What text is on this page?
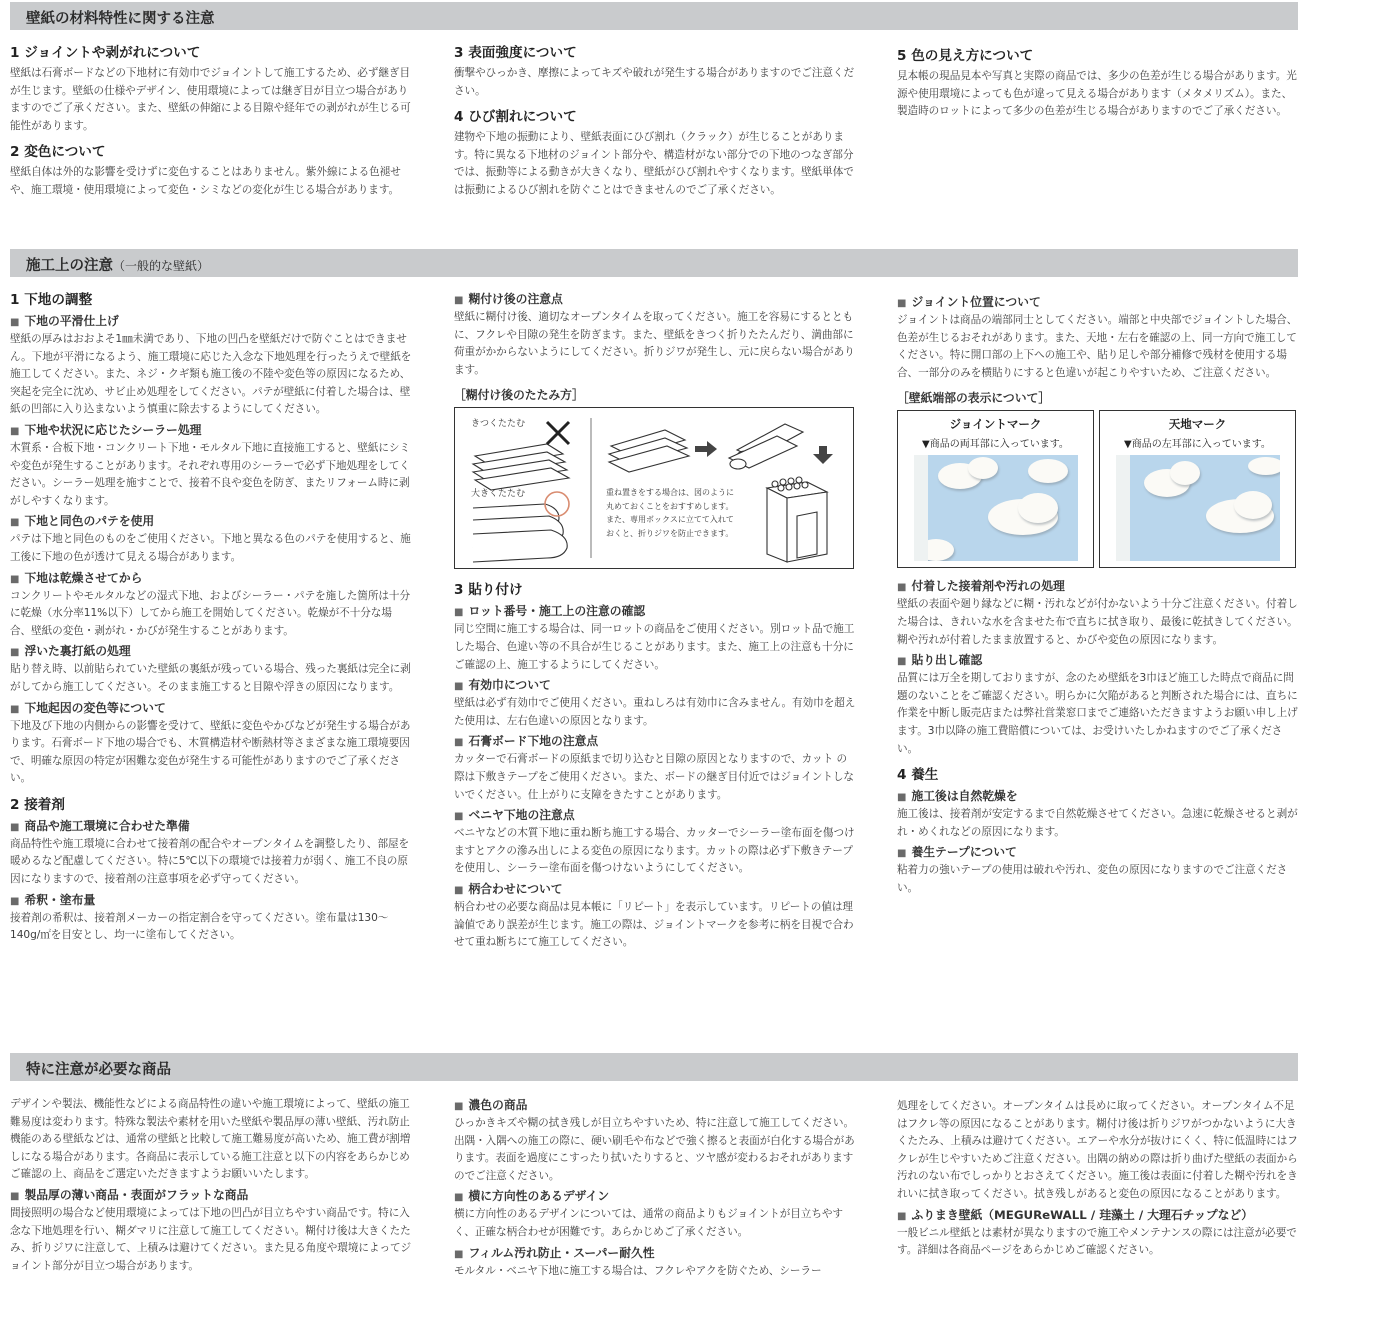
壁紙の材料特性に関する注意
1 ジョイントや剥がれについて
壁紙は石膏ボードなどの下地材に有効巾でジョイントして施工するため、必ず継ぎ目が生じます。壁紙の仕様やデザイン、使用環境によっては継ぎ目が目立つ場合がありますのでご了承ください。また、壁紙の伸縮による目隙や経年での剥がれが生じる可能性があります。
2 変色について
壁紙自体は外的な影響を受けずに変色することはありません。紫外線による色褪せや、施工環境・使用環境によって変色・シミなどの変化が生じる場合があります。
3 表面強度について
衝撃やひっかき、摩擦によってキズや破れが発生する場合がありますのでご注意ください。
4 ひび割れについて
建物や下地の振動により、壁紙表面にひび割れ（クラック）が生じることがあります。特に異なる下地材のジョイント部分や、構造材がない部分での下地のつなぎ部分では、振動等による動きが大きくなり、壁紙がひび割れやすくなります。壁紙単体では振動によるひび割れを防ぐことはできませんのでご了承ください。
5 色の見え方について
見本帳の現品見本や写真と実際の商品では、多少の色差が生じる場合があります。光源や使用環境によっても色が違って見える場合があります（メタメリズム）。また、製造時のロットによって多少の色差が生じる場合がありますのでご了承ください。
施工上の注意（一般的な壁紙）
1 下地の調整
■ 下地の平滑仕上げ
壁紙の厚みはおおよそ1㎜未満であり、下地の凹凸を壁紙だけで防ぐことはできません。下地が平滑になるよう、施工環境に応じた入念な下地処理を行ったうえで壁紙を施工してください。また、ネジ・クギ類も施工後の不陸や変色等の原因になるため、突起を完全に沈め、サビ止め処理をしてください。パテが壁紙に付着した場合は、壁紙の凹部に入り込まないよう慎重に除去するようにしてください。
■ 下地や状況に応じたシーラー処理
木質系・合板下地・コンクリート下地・モルタル下地に直接施工すると、壁紙にシミや変色が発生することがあります。それぞれ専用のシーラーで必ず下地処理をしてください。シーラー処理を施すことで、接着不良や変色を防ぎ、またリフォーム時に剥がしやすくなります。
■ 下地と同色のパテを使用
パテは下地と同色のものをご使用ください。下地と異なる色のパテを使用すると、施工後に下地の色が透けて見える場合があります。
■ 下地は乾燥させてから
コンクリートやモルタルなどの湿式下地、およびシーラー・パテを施した箇所は十分に乾燥（水分率11%以下）してから施工を開始してください。乾燥が不十分な場合、壁紙の変色・剥がれ・かびが発生することがあります。
■ 浮いた裏打紙の処理
貼り替え時、以前貼られていた壁紙の裏紙が残っている場合、残った裏紙は完全に剥がしてから施工してください。そのまま施工すると目隙や浮きの原因になります。
■ 下地起因の変色等について
下地及び下地の内側からの影響を受けて、壁紙に変色やかびなどが発生する場合があります。石膏ボード下地の場合でも、木質構造材や断熱材等さまざまな施工環境要因で、明確な原因の特定が困難な変色が発生する可能性がありますのでご了承ください。
2 接着剤
■ 商品や施工環境に合わせた準備
商品特性や施工環境に合わせて接着剤の配合やオープンタイムを調整したり、部屋を暖めるなど配慮してください。特に5℃以下の環境では接着力が弱く、施工不良の原因になりますので、接着剤の注意事項を必ず守ってください。
■ 希釈・塗布量
接着剤の希釈は、接着剤メーカーの指定割合を守ってください。塗布量は130〜140g/㎡を目安とし、均一に塗布してください。
■ 糊付け後の注意点
壁紙に糊付け後、適切なオープンタイムを取ってください。施工を容易にするとともに、フクレや目隙の発生を防ぎます。また、壁紙をきつく折りたたんだり、満曲部に荷重がかからないようにしてください。折りジワが発生し、元に戻らない場合があります。
［糊付け後のたたみ方］
きつくたたむ
大きくたたむ	重ね置きをする場合は、図のように
丸めておくことをおすすめします。
また、専用ボックスに立てて入れて
おくと、折りジワを防止できます。
3 貼り付け
■ ロット番号・施工上の注意の確認
同じ空間に施工する場合は、同一ロットの商品をご使用ください。別ロット品で施工した場合、色違い等の不具合が生じることがあります。また、施工上の注意も十分にご確認の上、施工するようにしてください。
■ 有効巾について
壁紙は必ず有効巾でご使用ください。重ねしろは有効巾に含みません。有効巾を超えた使用は、左右色違いの原因となります。
■ 石膏ボード下地の注意点
カッターで石膏ボードの原紙まで切り込むと目隙の原因となりますので、カット の際は下敷きテープをご使用ください。また、ボードの継ぎ目付近ではジョイントしないでください。仕上がりに支障をきたすことがあります。
■ ベニヤ下地の注意点
ベニヤなどの木質下地に重ね断ち施工する場合、カッターでシーラー塗布面を傷つけますとアクの滲み出しによる変色の原因になります。カットの際は必ず下敷きテープを使用し、シーラー塗布面を傷つけないようにしてください。
■ 柄合わせについて
柄合わせの必要な商品は見本帳に「リピート」を表示しています。リピートの値は理論値であり誤差が生じます。施工の際は、ジョイントマークを参考に柄を目視で合わせて重ね断ちにて施工してください。
■ ジョイント位置について
ジョイントは商品の端部同士としてください。端部と中央部でジョイントした場合、色差が生じるおそれがあります。また、天地・左右を確認の上、同一方向で施工してください。特に開口部の上下への施工や、貼り足しや部分補修で残材を使用する場合、一部分のみを横貼りにすると色違いが起こりやすいため、ご注意ください。
［壁紙端部の表示について］
ジョイントマーク
▼商品の両耳部に入っています。
天地マーク
▼商品の左耳部に入っています。
■ 付着した接着剤や汚れの処理
壁紙の表面や廻り縁などに糊・汚れなどが付かないよう十分ご注意ください。付着した場合は、きれいな水を含ませた布で直ちに拭き取り、最後に乾拭きしてください。糊や汚れが付着したまま放置すると、かびや変色の原因になります。
■ 貼り出し確認
品質には万全を期しておりますが、念のため壁紙を3巾ほど施工した時点で商品に問題のないことをご確認ください。明らかに欠陥があると判断された場合には、直ちに作業を中断し販売店または弊社営業窓口までご連絡いただきますようお願い申し上げます。3巾以降の施工費賠償については、お受けいたしかねますのでご了承ください。
4 養生
■ 施工後は自然乾燥を
施工後は、接着剤が安定するまで自然乾燥させてください。急速に乾燥させると剥がれ・めくれなどの原因になります。
■ 養生テープについて
粘着力の強いテープの使用は破れや汚れ、変色の原因になりますのでご注意ください。
特に注意が必要な商品
デザインや製法、機能性などによる商品特性の違いや施工環境によって、壁紙の施工難易度は変わります。特殊な製法や素材を用いた壁紙や製品厚の薄い壁紙、汚れ防止機能のある壁紙などは、通常の壁紙と比較して施工難易度が高いため、施工費が割増しになる場合があります。各商品に表示している施工注意と以下の内容をあらかじめご確認の上、商品をご選定いただきますようお願いいたします。
■ 製品厚の薄い商品・表面がフラットな商品
間接照明の場合など使用環境によっては下地の凹凸が目立ちやすい商品です。特に入念な下地処理を行い、糊ダマリに注意して施工してください。糊付け後は大きくたたみ、折りジワに注意して、上積みは避けてください。また見る角度や環境によってジョイント部分が目立つ場合があります。
■ 濃色の商品
ひっかきキズや糊の拭き残しが目立ちやすいため、特に注意して施工してください。出隅・入隅への施工の際に、硬い刷毛や布などで強く擦ると表面が白化する場合があります。表面を過度にこすったり拭いたりすると、ツヤ感が変わるおそれがありますのでご注意ください。
■ 横に方向性のあるデザイン
横に方向性のあるデザインについては、通常の商品よりもジョイントが目立ちやすく、正確な柄合わせが困難です。あらかじめご了承ください。
■ フィルム汚れ防止・スーパー耐久性
モルタル・ベニヤ下地に施工する場合は、フクレやアクを防ぐため、シーラー
処理をしてください。オープンタイムは長めに取ってください。オープンタイム不足はフクレ等の原因になることがあります。糊付け後は折りジワがつかないように大きくたたみ、上積みは避けてください。エアーや水分が抜けにくく、特に低温時にはフクレが生じやすいためご注意ください。出隅の納めの際は折り曲げた壁紙の表面から汚れのない布でしっかりとおさえてください。施工後は表面に付着した糊や汚れをきれいに拭き取ってください。拭き残しがあると変色の原因になることがあります。
■ ふりまき壁紙（MEGUReWALL / 珪藻土 / 大理石チップなど）
一般ビニル壁紙とは素材が異なりますので施工やメンテナンスの際には注意が必要です。詳細は各商品ページをあらかじめご確認ください。
